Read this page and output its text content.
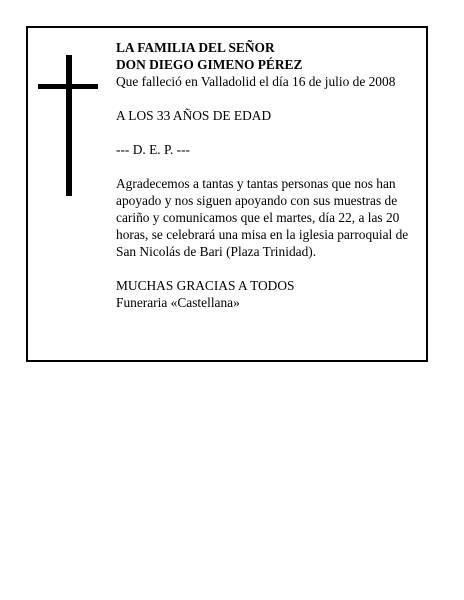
LA FAMILIA DEL SEÑOR
DON DIEGO GIMENO PÉREZ
Que falleció en Valladolid el día 16 de julio de 2008
A LOS 33 AÑOS DE EDAD
--- D. E. P. ---
Agradecemos a tantas y tantas personas que nos han
apoyado y nos siguen apoyando con sus muestras de
cariño y comunicamos que el martes, día 22, a las 20
horas, se celebrará una misa en la iglesia parroquial de
San Nicolás de Bari (Plaza Trinidad).
MUCHAS GRACIAS A TODOS
Funeraria «Castellana»
